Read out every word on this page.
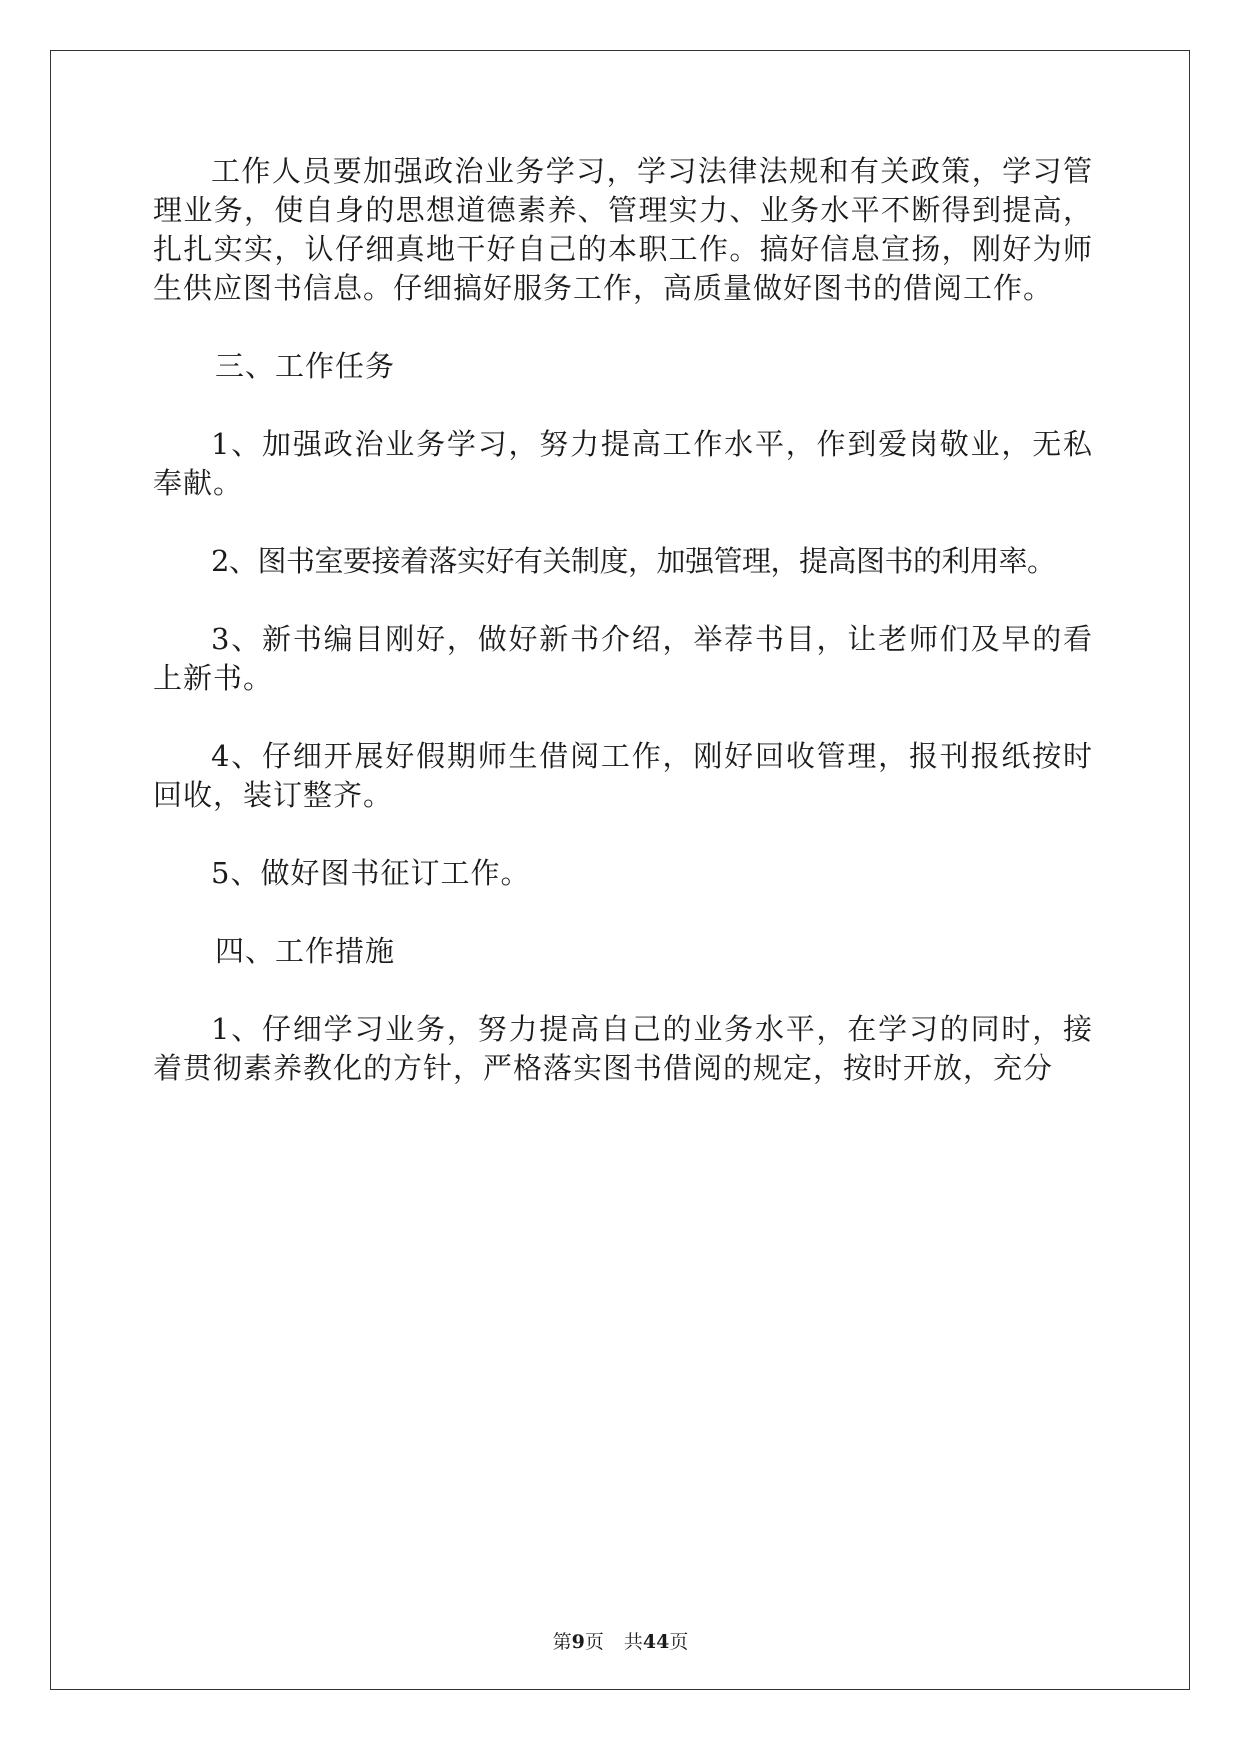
工作人员要加强政治业务学习，学习法律法规和有关政策，学习管理业务，使自身的思想道德素养、管理实力、业务水平不断得到提高，扎扎实实，认仔细真地干好自己的本职工作。搞好信息宣扬，刚好为师生供应图书信息。仔细搞好服务工作，高质量做好图书的借阅工作。

三、工作任务

1、加强政治业务学习，努力提高工作水平，作到爱岗敬业，无私奉献。

2、图书室要接着落实好有关制度，加强管理，提高图书的利用率。

3、新书编目刚好，做好新书介绍，举荐书目，让老师们及早的看上新书。

4、仔细开展好假期师生借阅工作，刚好回收管理，报刊报纸按时回收，装订整齐。

5、做好图书征订工作。

四、工作措施

1、仔细学习业务，努力提高自己的业务水平，在学习的同时，接着贯彻素养教化的方针，严格落实图书借阅的规定，按时开放，充分

第9页 共44页
